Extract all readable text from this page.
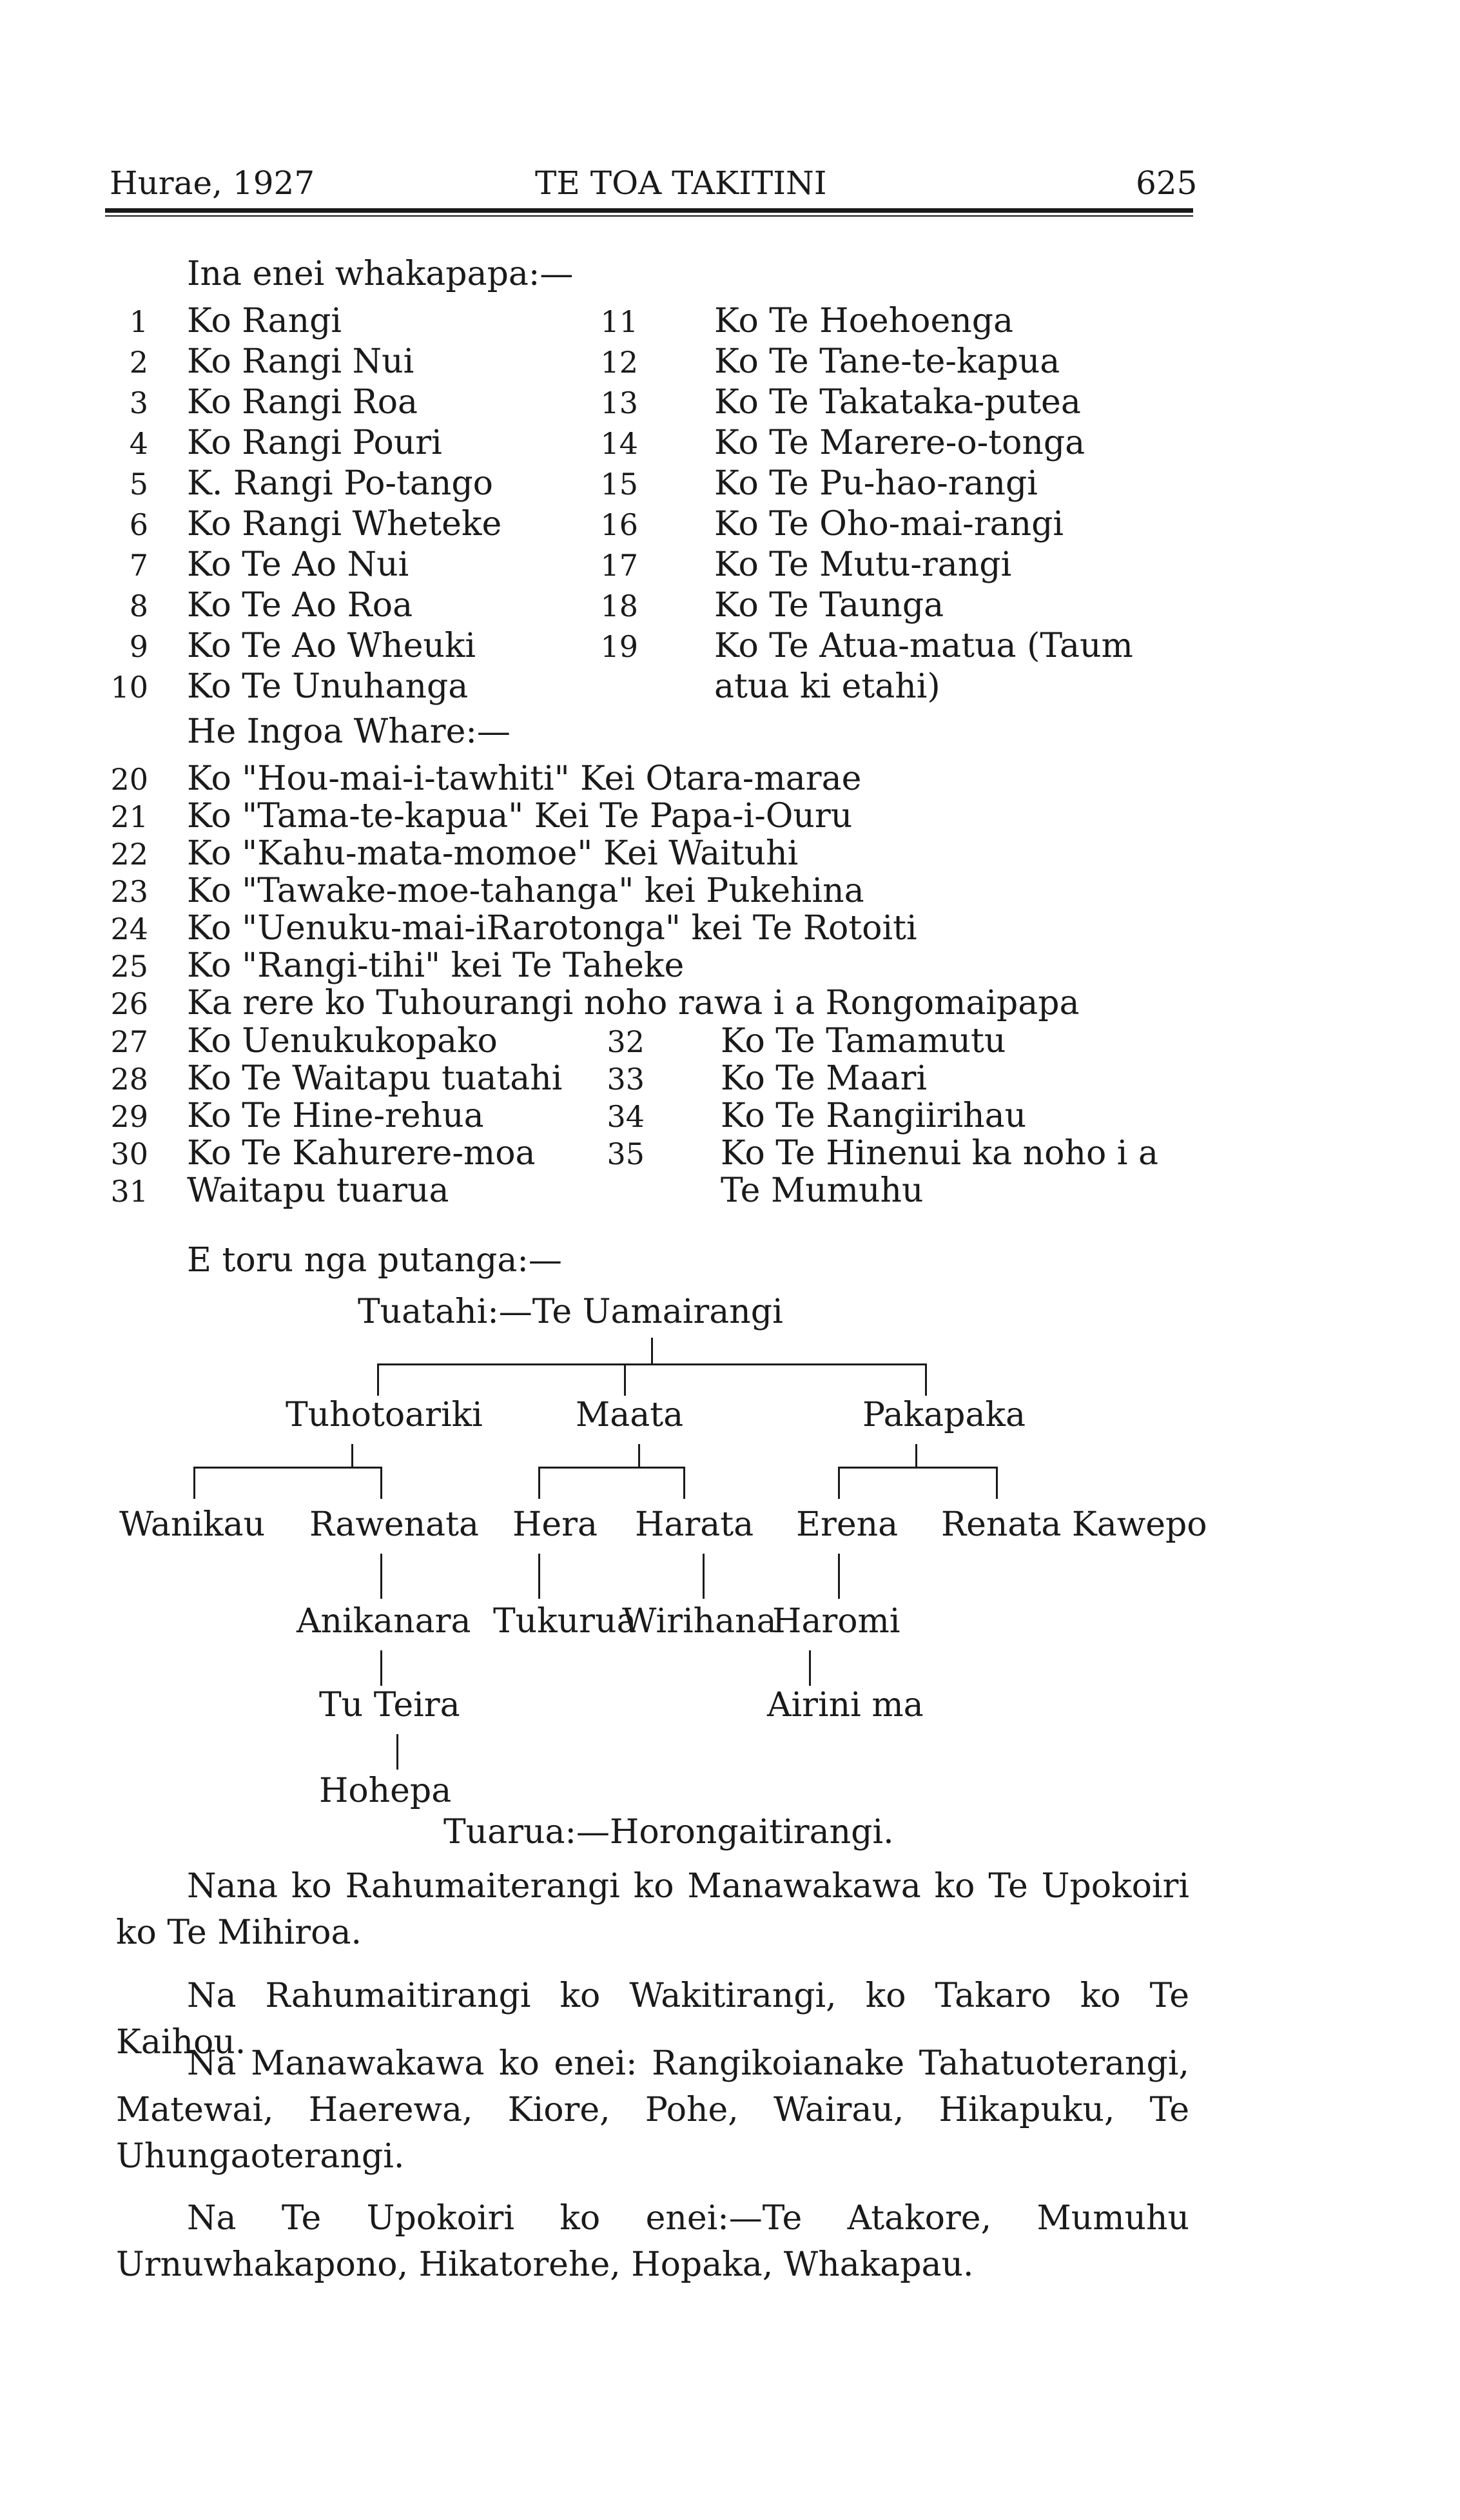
Hurae, 1927	TE TOA TAKITINI	625
Ina enei whakapapa:—
1 Ko Rangi
2 Ko Rangi Nui
3 Ko Rangi Roa
4 Ko Rangi Pouri
5 K. Rangi Po-tango
6 Ko Rangi Wheteke
7 Ko Te Ao Nui
8 Ko Te Ao Roa
9 Ko Te Ao Wheuki
10 Ko Te Unuhanga
11 Ko Te Hoehoenga
12 Ko Te Tane-te-kapua
13 Ko Te Takataka-putea
14 Ko Te Marere-o-tonga
15 Ko Te Pu-hao-rangi
16 Ko Te Oho-mai-rangi
17 Ko Te Mutu-rangi
18 Ko Te Taunga
19 Ko Te Atua-matua (Taum
atua ki etahi)
He Ingoa Whare:—
20 Ko "Hou-mai-i-tawhiti" Kei Otara-marae
21 Ko "Tama-te-kapua" Kei Te Papa-i-Ouru
22 Ko "Kahu-mata-momoe" Kei Waituhi
23 Ko "Tawake-moe-tahanga" kei Pukehina
24 Ko "Uenuku-mai-iRarotonga" kei Te Rotoiti
25 Ko "Rangi-tihi" kei Te Taheke
26 Ka rere ko Tuhourangi noho rawa i a Rongomaipapa
27 Ko Uenukukopako
28 Ko Te Waitapu tuatahi
29 Ko Te Hine-rehua
30 Ko Te Kahurere-moa
31 Waitapu tuarua
32 Ko Te Tamamutu
33 Ko Te Maari
34 Ko Te Rangiirihau
35 Ko Te Hinenui ka noho i a
Te Mumuhu
E toru nga putanga:—
Tuatahi:—Te Uamairangi
Tuhotoariki	Maata	Pakapaka
Wanikau Rawenata Hera Harata Erena Renata Kawepo
Anikanara Tukurua
Wirihana
Haromi
Tu Teira	Airini ma
Hohepa
Tuarua:—Horongaitirangi.
Nana ko Rahumaiterangi ko Manawakawa ko Te Upokoiri ko Te Mihiroa.
Na Rahumaitirangi ko Wakitirangi, ko Takaro ko Te Kaihou.
Na Manawakawa ko enei: Rangikoianake Tahatuoterangi, Matewai, Haerewa, Kiore, Pohe, Wairau, Hikapuku, Te Uhungaoterangi.
Na Te Upokoiri ko enei:—Te Atakore, Mumuhu Urnuwhakapono, Hikatorehe, Hopaka, Whakapau.
